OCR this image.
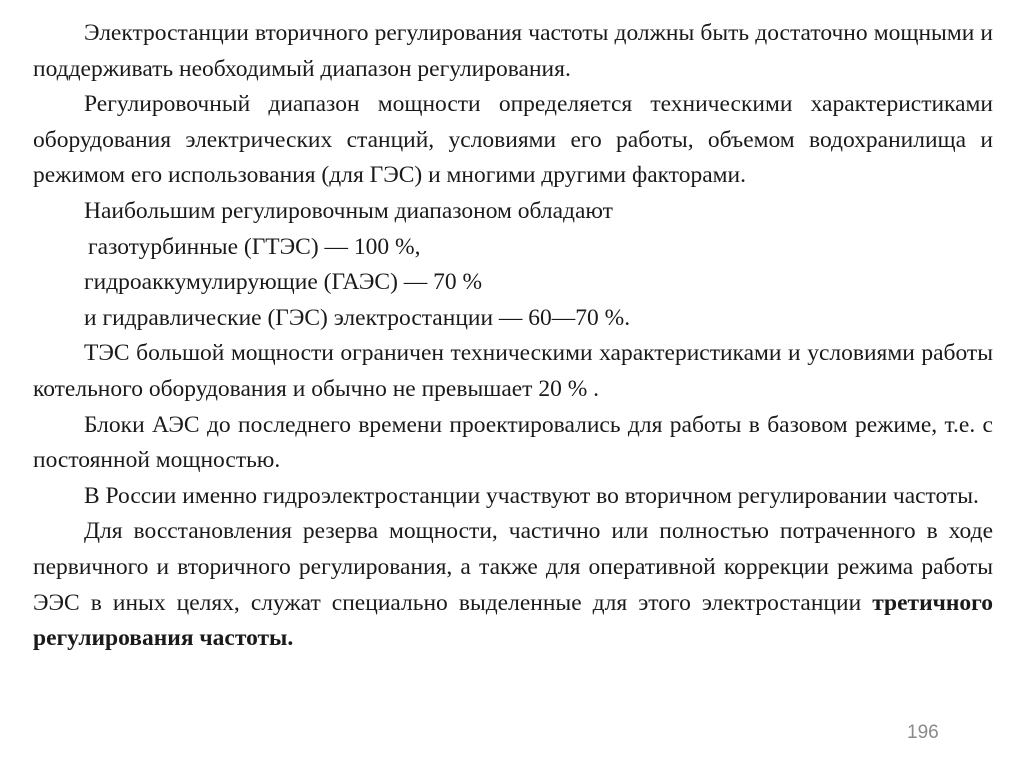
Электростанции вторичного регулирования частоты должны быть достаточно мощными и поддерживать необходимый диапазон регулирования.

Регулировочный диапазон мощности определяется техническими характеристиками оборудования электрических станций, условиями его работы, объемом водохранилища и режимом его использования (для ГЭС) и многими другими факторами.

Наибольшим регулировочным диапазоном обладают

газотурбинные (ГТЭС) — 100 %,

гидроаккумулирующие (ГАЭС) — 70 %

и гидравлические (ГЭС) электростанции — 60—70 %.

ТЭС большой мощности ограничен техническими характеристиками и условиями работы котельного оборудования и обычно не превышает 20 % .

Блоки АЭС до последнего времени проектировались для работы в базовом режиме, т.е. с постоянной мощностью.

В России именно гидроэлектростанции участвуют во вторичном регулировании частоты.

Для восстановления резерва мощности, частично или полностью потраченного в ходе первичного и вторичного регулирования, а также для оперативной коррекции режима работы ЭЭС в иных целях, служат специально выделенные для этого электростанции третичного регулирования частоты.

196
